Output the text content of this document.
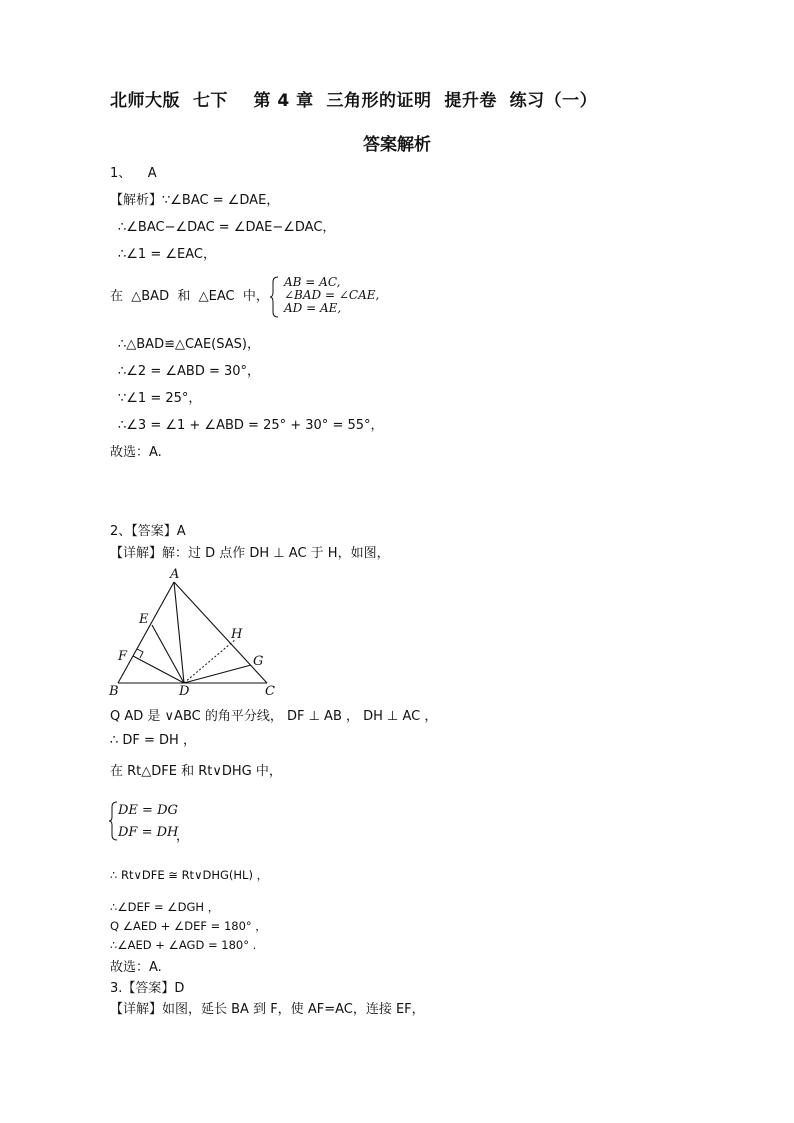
北师大版  七下    第 4 章  三角形的证明  提升卷  练习（一）
答案解析
1、    A
【解析】∵∠BAC = ∠DAE，
∴∠BAC−∠DAC = ∠DAE−∠DAC，
∴∠1 = ∠EAC，
在  △BAD  和  △EAC  中，
AB = AC,
∠BAD = ∠CAE,
AD = AE,
∴△BAD≌△CAE(SAS)，
∴∠2 = ∠ABD = 30°，
∵∠1 = 25°，
∴∠3 = ∠1 + ∠ABD = 25° + 30° = 55°，
故选：A.
2、【答案】A
【详解】解：过 D 点作 DH ⊥ AC 于 H，如图，
A
E
H
F	G
B	D	C
Q AD 是 ∨ABC 的角平分线， DF ⊥ AB ， DH ⊥ AC ，
∴ DF = DH ，
在 Rt△DFE 和 Rt∨DHG 中，
DE = DG
DF = DH
，
∴ Rt∨DFE ≅ Rt∨DHG(HL) ，
∴∠DEF = ∠DGH ，
Q ∠AED + ∠DEF = 180° ，
∴∠AED + ∠AGD = 180° .
故选：A.
3.【答案】D
【详解】如图，延长 BA 到 F，使 AF=AC，连接 EF，
